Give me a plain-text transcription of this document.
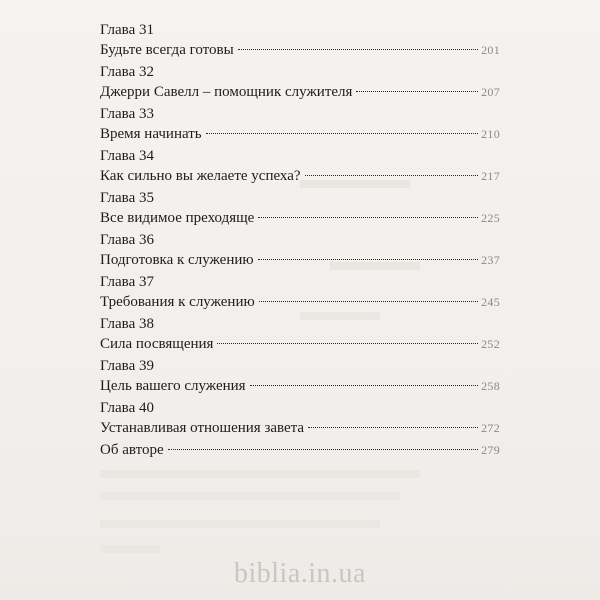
Глава 31
Будьте всегда готовы	201
Глава 32
Джерри Савелл – помощник служителя	207
Глава 33
Время начинать	210
Глава 34
Как сильно вы желаете успеха?	217
Глава 35
Все видимое преходяще	225
Глава 36
Подготовка к служению	237
Глава 37
Требования к служению	245
Глава 38
Сила посвящения	252
Глава 39
Цель вашего служения	258
Глава 40
Устанавливая отношения завета	272
Об авторе	279
biblia.in.ua
